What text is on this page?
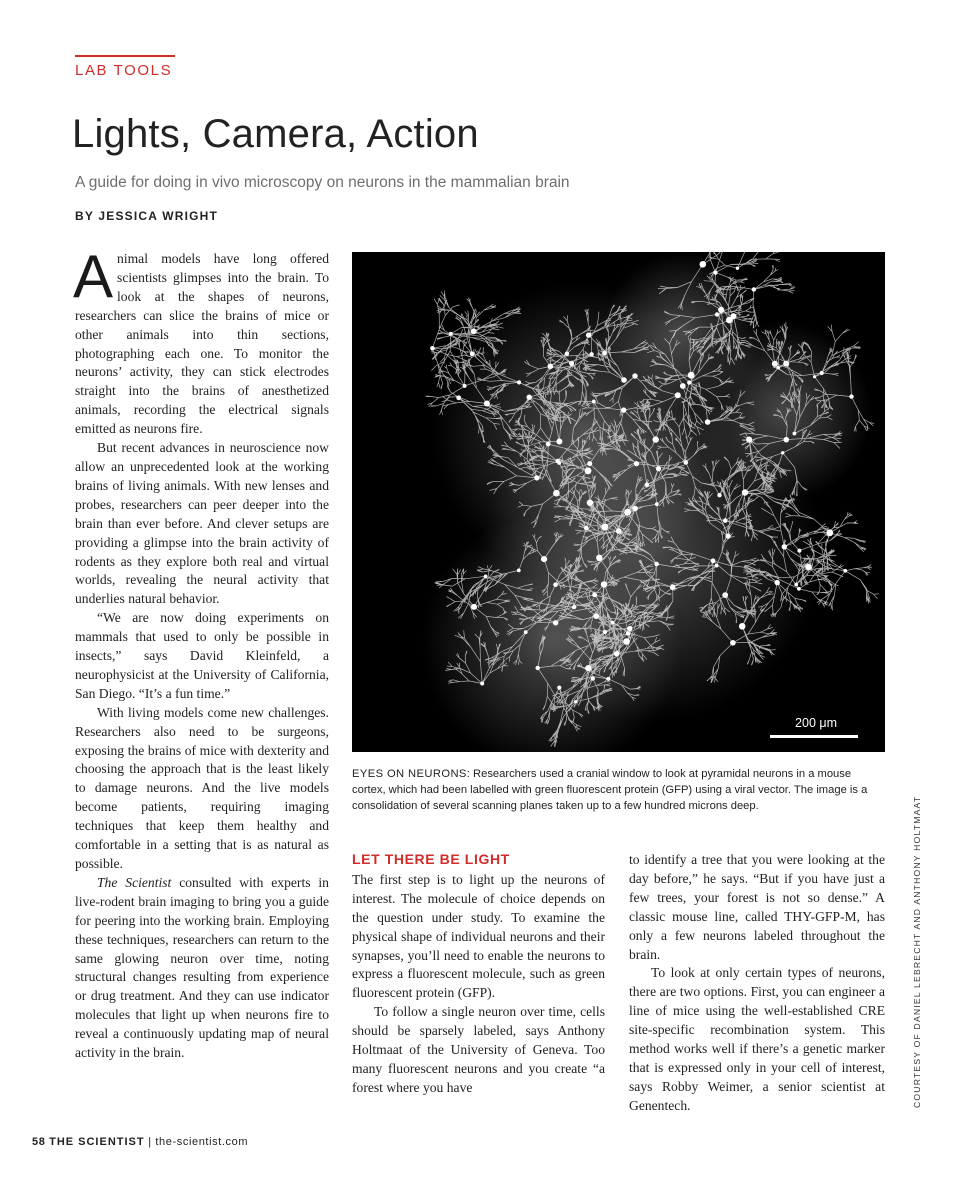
LAB TOOLS
Lights, Camera, Action

A guide for doing in vivo microscopy on neurons in the mammalian brain

BY JESSICA WRIGHT

Animal models have long offered scientists glimpses into the brain. To look at the shapes of neurons, researchers can slice the brains of mice or other animals into thin sections, photographing each one. To monitor the neurons’ activity, they can stick electrodes straight into the brains of anesthetized animals, recording the electrical signals emitted as neurons fire.

But recent advances in neuroscience now allow an unprecedented look at the working brains of living animals. With new lenses and probes, researchers can peer deeper into the brain than ever before. And clever setups are providing a glimpse into the brain activity of rodents as they explore both real and virtual worlds, revealing the neural activity that underlies natural behavior.

“We are now doing experiments on mammals that used to only be possible in insects,” says David Kleinfeld, a neurophysicist at the University of California, San Diego. “It’s a fun time.”

With living models come new challenges. Researchers also need to be surgeons, exposing the brains of mice with dexterity and choosing the approach that is the least likely to damage neurons. And the live models become patients, requiring imaging techniques that keep them healthy and comfortable in a setting that is as natural as possible.

The Scientist consulted with experts in live-rodent brain imaging to bring you a guide for peering into the working brain. Employing these techniques, researchers can return to the same glowing neuron over time, noting structural changes resulting from experience or drug treatment. And they can use indicator molecules that light up when neurons fire to reveal a continuously updating map of neural activity in the brain.

200 μm

EYES ON NEURONS: Researchers used a cranial window to look at pyramidal neurons in a mouse cortex, which had been labelled with green fluorescent protein (GFP) using a viral vector. The image is a consolidation of several scanning planes taken up to a few hundred microns deep.

LET THERE BE LIGHT

The first step is to light up the neurons of interest. The molecule of choice depends on the question under study. To examine the physical shape of individual neurons and their synapses, you’ll need to enable the neurons to express a fluorescent molecule, such as green fluorescent protein (GFP).

To follow a single neuron over time, cells should be sparsely labeled, says Anthony Holtmaat of the University of Geneva. Too many fluorescent neurons and you create “a forest where you have

to identify a tree that you were looking at the day before,” he says. “But if you have just a few trees, your forest is not so dense.” A classic mouse line, called THY-GFP-M, has only a few neurons labeled throughout the brain.

To look at only certain types of neurons, there are two options. First, you can engineer a line of mice using the well-established CRE site-specific recombination system. This method works well if there’s a genetic marker that is expressed only in your cell of interest, says Robby Weimer, a senior scientist at Genentech.	COURTESY OF DANIEL LEBRECHT AND ANTHONY HOLTMAAT
58 THE SCIENTIST | the-scientist.com
